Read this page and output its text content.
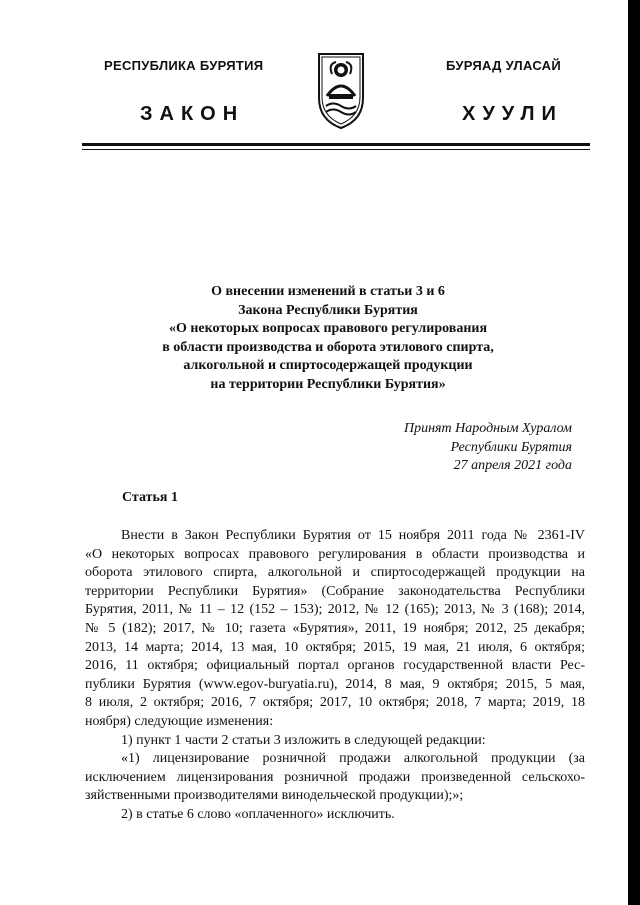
РЕСПУБЛИКА БУРЯТИЯ	БУРЯАД УЛАСАЙ
ЗАКОН	ХУУЛИ
О внесении изменений в статьи 3 и 6
Закона Республики Бурятия
«О некоторых вопросах правового регулирования
в области производства и оборота этилового спирта,
алкогольной и спиртосодержащей продукции
на территории Республики Бурятия»
Принят Народным Хуралом
Республики Бурятия
27 апреля 2021 года
Статья 1
Внести в Закон Республики Бурятия от 15 ноября 2011 года № 2361-IV
«О некоторых вопросах правового регулирования в области производства и
оборота этилового спирта, алкогольной и спиртосодержащей продукции на
территории Республики Бурятия» (Собрание законодательства Республики
Бурятия, 2011, № 11 – 12 (152 – 153); 2012, № 12 (165); 2013, № 3 (168); 2014,
№ 5 (182); 2017, № 10; газета «Бурятия», 2011, 19 ноября; 2012, 25 декабря;
2013, 14 марта; 2014, 13 мая, 10 октября; 2015, 19 мая, 21 июля, 6 октября;
2016, 11 октября; официальный портал органов государственной власти Рес-
публики Бурятия (www.egov-buryatia.ru), 2014, 8 мая, 9 октября; 2015, 5 мая,
8 июля, 2 октября; 2016, 7 октября; 2017, 10 октября; 2018, 7 марта; 2019, 18
ноября) следующие изменения:
1) пункт 1 части 2 статьи 3 изложить в следующей редакции:
«1) лицензирование розничной продажи алкогольной продукции (за
исключением лицензирования розничной продажи произведенной сельскохо-
зяйственными производителями винодельческой продукции);»;
2) в статье 6 слово «оплаченного» исключить.
